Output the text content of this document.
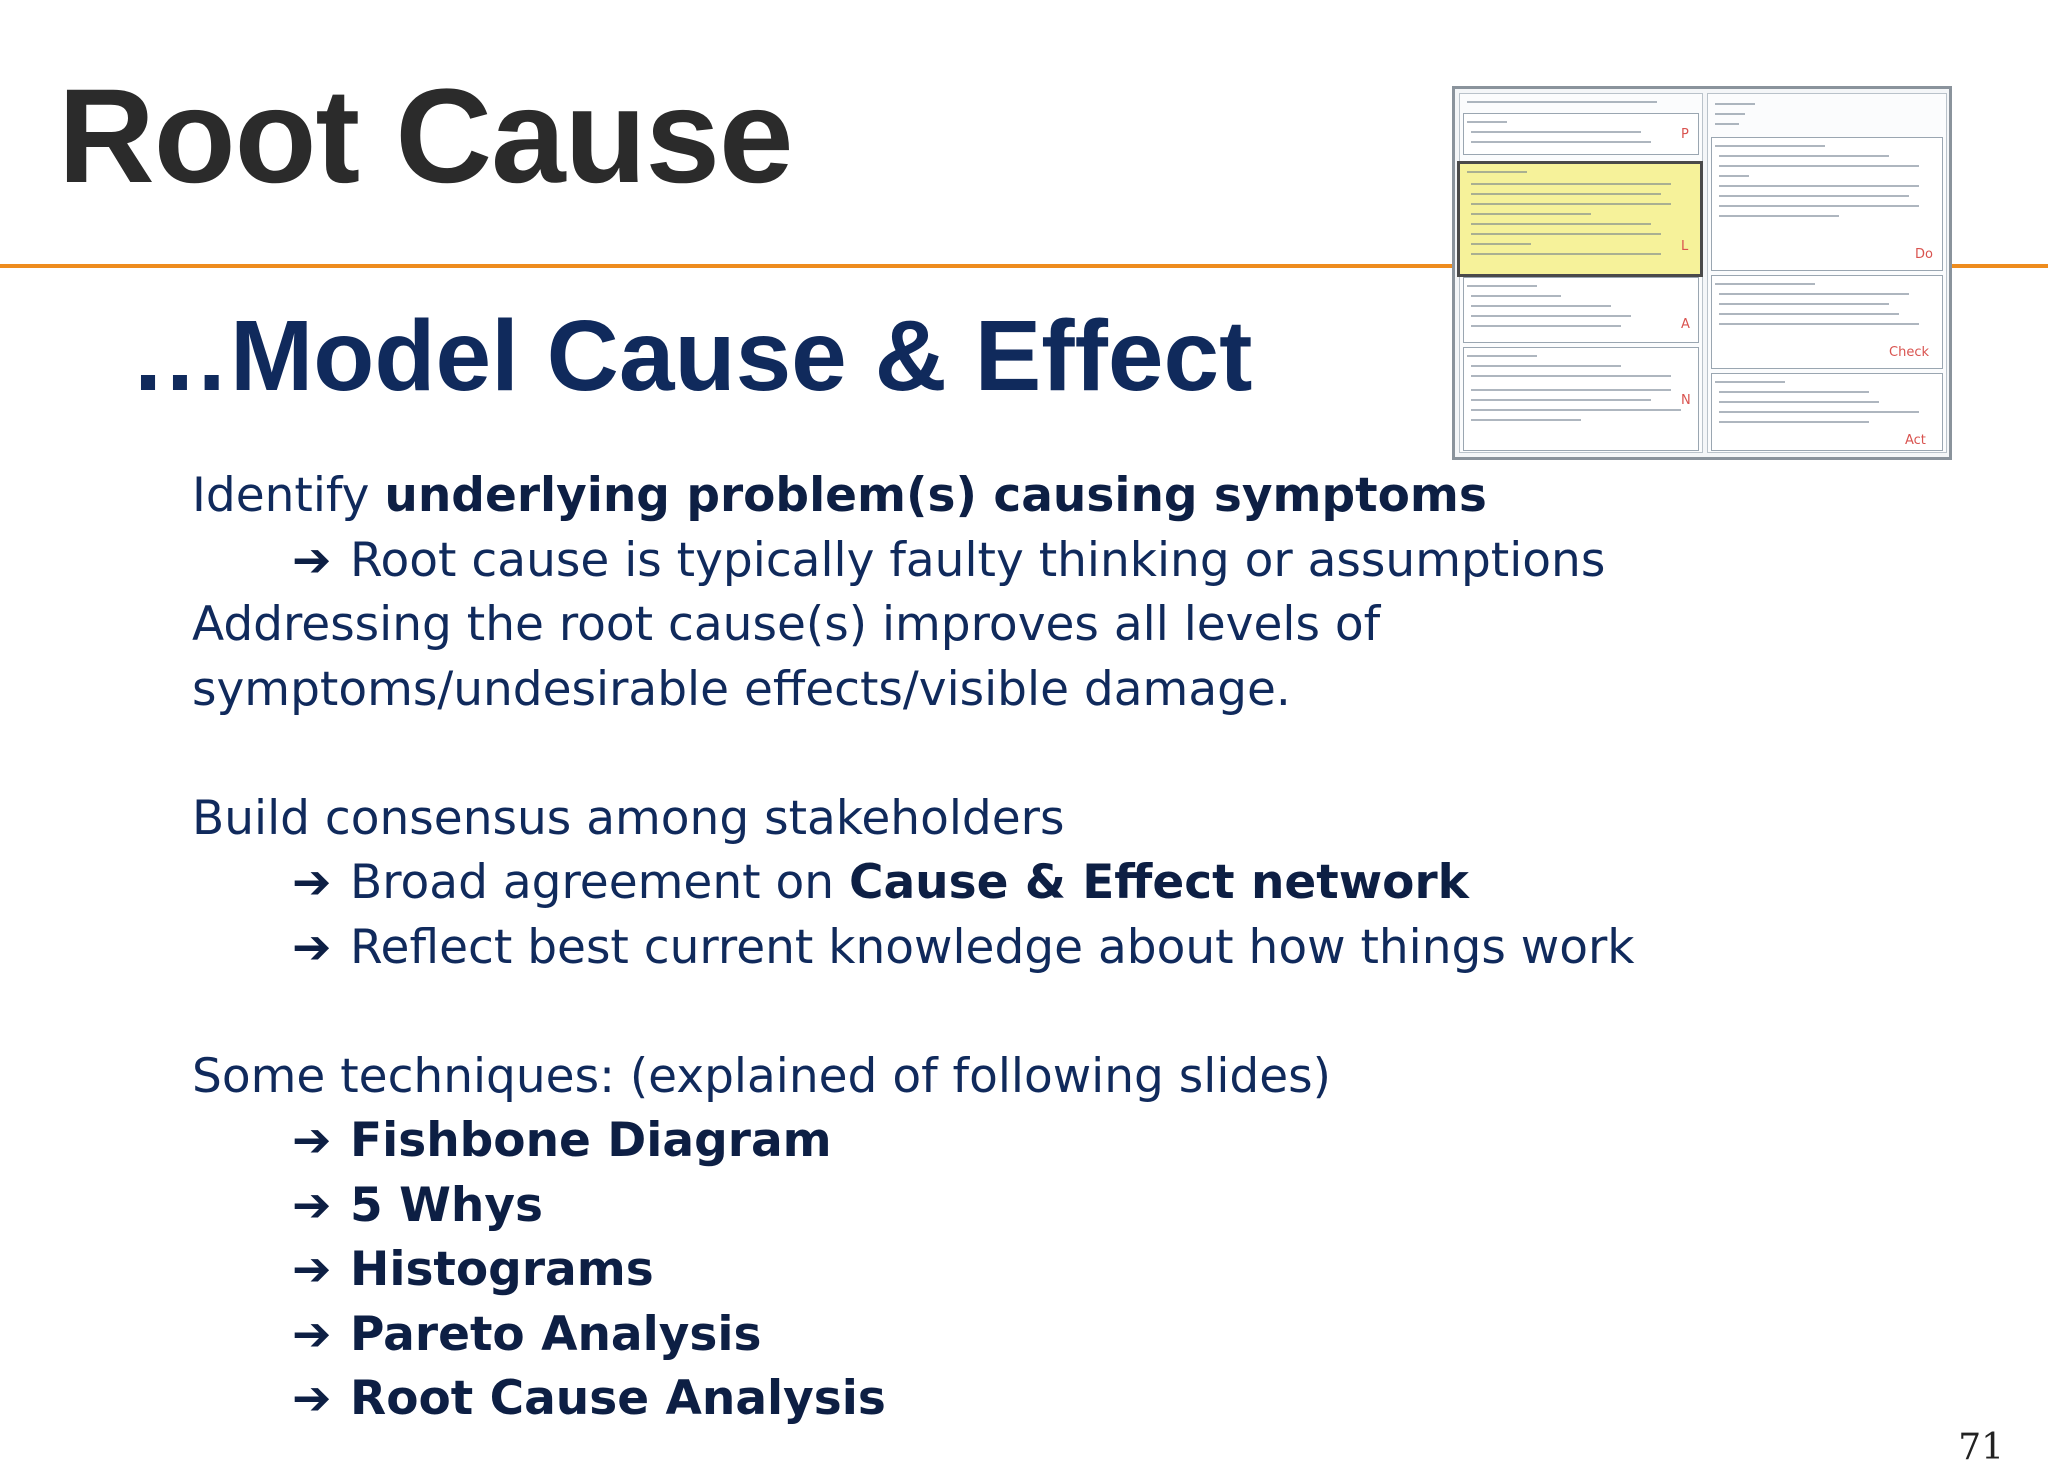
Root Cause	P
L
A
N
Do
Check
Act
…Model Cause & Effect
Identify underlying problem(s) causing symptoms
➔ Root cause is typically faulty thinking or assumptions
Addressing the root cause(s) improves all levels of
symptoms/undesirable effects/visible damage.
Build consensus among stakeholders
➔ Broad agreement on Cause & Effect network
➔ Reflect best current knowledge about how things work
Some techniques: (explained of following slides)
➔ Fishbone Diagram
➔ 5 Whys
➔ Histograms
➔ Pareto Analysis
➔ Root Cause Analysis
71
